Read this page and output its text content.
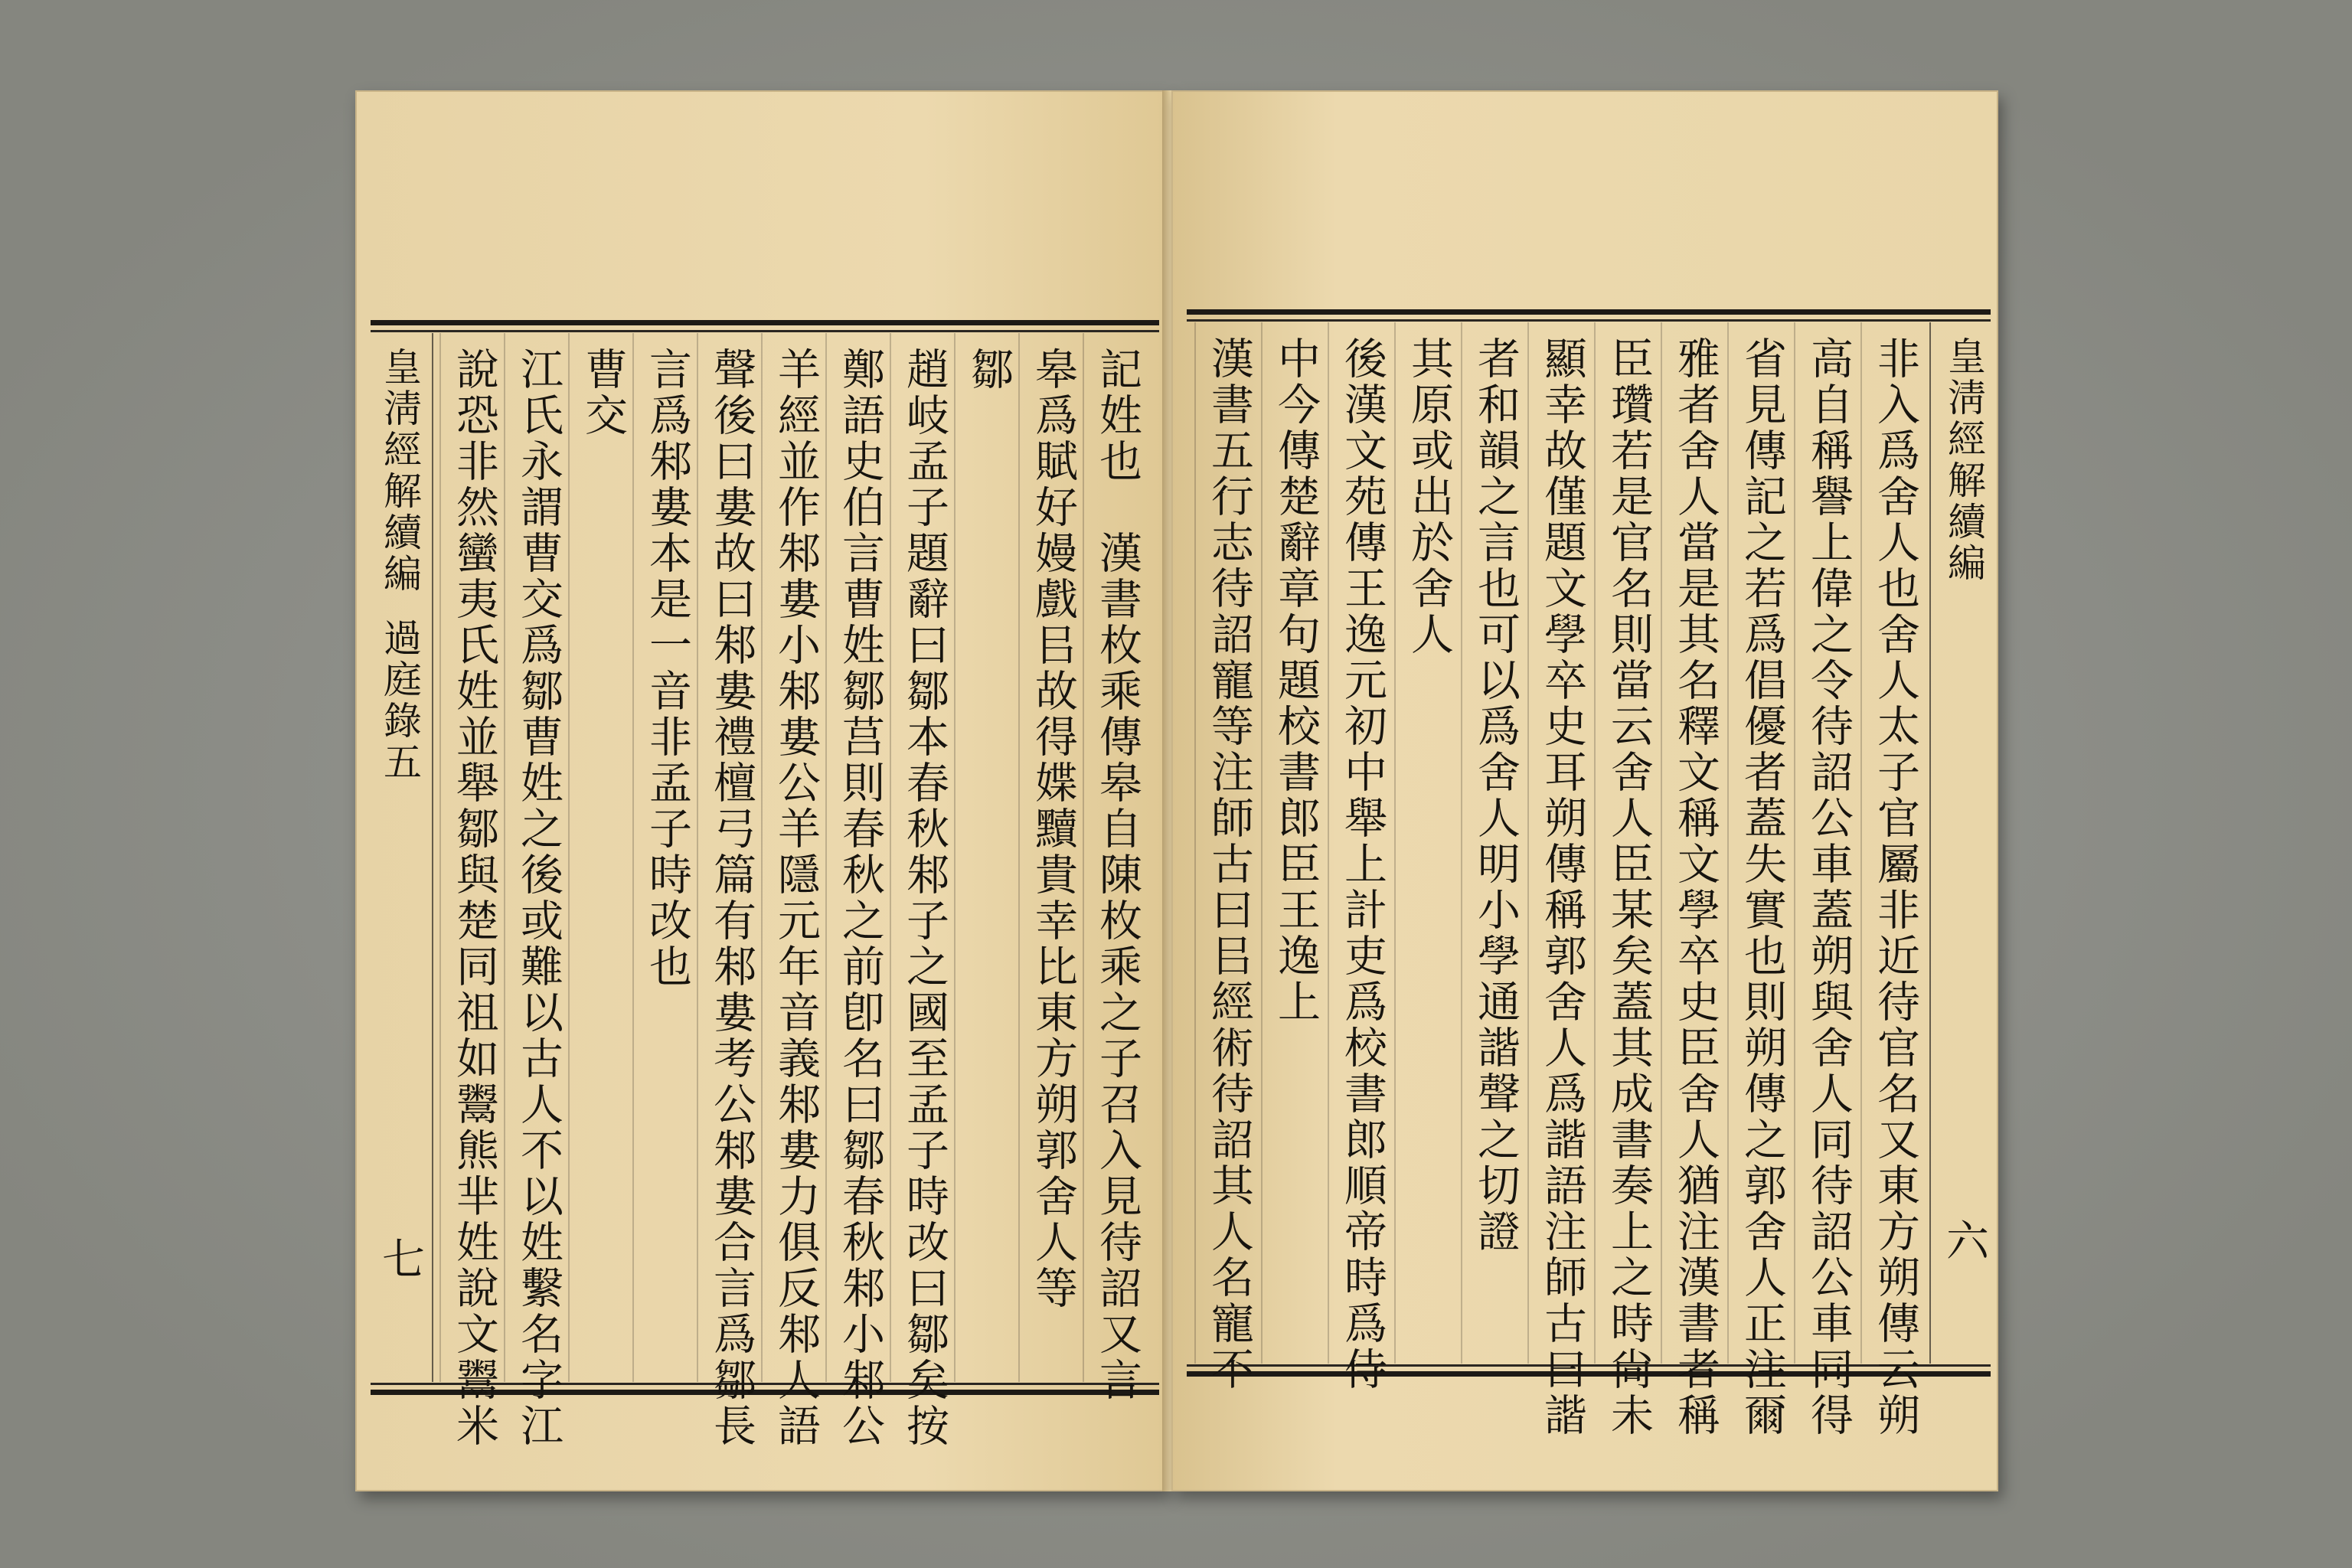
皇淸經解續編
過庭錄五
七	記姓也　漢書枚乘傳皋自陳枚乘之子召入見待詔又言
皋爲賦好嫚戲㠯故得媟黷貴幸比東方朔郭舍人等
鄒
趙岐孟子題辭曰鄒本春秋邾子之國至孟子時改曰鄒矣按
鄭語史伯言曹姓鄒莒則春秋之前卽名曰鄒春秋邾小邾公
羊經並作邾婁小邾婁公羊隱元年音義邾婁力俱反邾人語
聲後曰婁故曰邾婁禮檀弓篇有邾婁考公邾婁合言爲鄒長
言爲邾婁本是一音非孟子時改也
曹交
江氏永謂曹交爲鄒曹姓之後或難以古人不以姓繫名字江
說恐非然蠻夷氏姓並舉鄒與楚同祖如鬻熊芈姓說文鬻米	皇淸經解續編
六
非入爲舍人也舍人太子官屬非近待官名又東方朔傳云朔
高自稱譽上偉之令待詔公車蓋朔與舍人同待詔公車同得
省見傳記之若爲倡優者蓋失實也則朔傳之郭舍人正注爾
雅者舍人當是其名釋文稱文學卒史臣舍人猶注漢書者稱
臣瓚若是官名則當云舍人臣某矣蓋其成書奏上之時尙未
顯幸故僅題文學卒史耳朔傳稱郭舍人爲諧語注師古曰諧
者和韻之言也可以爲舍人明小學通諧聲之切證
其原或出於舍人
後漢文苑傳王逸元初中舉上計吏爲校書郎順帝時爲侍
中今傳楚辭章句題校書郎臣王逸上
漢書五行志待詔寵等注師古曰㠯經術待詔其人名寵不
